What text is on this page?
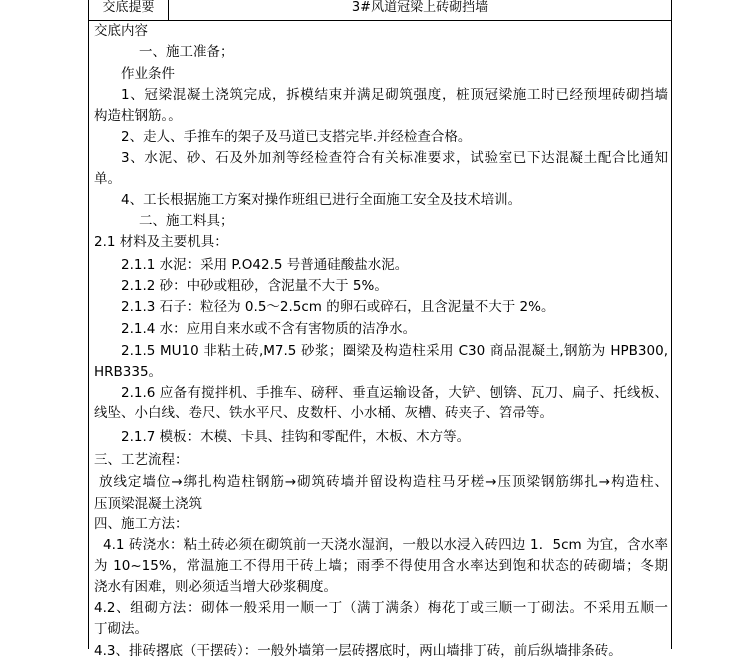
交底提要	3#风道冠梁上砖砌挡墙
交底内容
一、施工准备；
作业条件
1、冠梁混凝土浇筑完成，拆模结束并满足砌筑强度，桩顶冠梁施工时已经预埋砖砌挡墙
构造柱钢筋。。
2、走人、手推车的架子及马道已支搭完毕.并经检查合格。
3、水泥、砂、石及外加剂等经检查符合有关标准要求，试验室已下达混凝土配合比通知
单。
4、工长根据施工方案对操作班组已进行全面施工安全及技术培训。
二、施工料具；
2.1 材料及主要机具：
2.1.1 水泥：采用 P.O42.5 号普通硅酸盐水泥。
2.1.2 砂：中砂或粗砂，含泥量不大于 5%。
2.1.3 石子：粒径为 0.5～2.5cm 的卵石或碎石，且含泥量不大于 2%。
2.1.4 水：应用自来水或不含有害物质的洁净水。
2.1.5 MU10 非粘土砖,M7.5 砂浆；圈梁及构造柱采用 C30 商品混凝土,钢筋为 HPB300,
HRB335。
2.1.6 应备有搅拌机、手推车、磅秤、垂直运输设备，大铲、刨锛、瓦刀、扁子、托线板、
线坠、小白线、卷尺、铁水平尺、皮数杆、小水桶、灰槽、砖夹子、笤帚等。
2.1.7 模板：木模、卡具、挂钩和零配件，木板、木方等。
三、工艺流程：
放线定墙位→绑扎构造柱钢筋→砌筑砖墙并留设构造柱马牙槎→压顶梁钢筋绑扎→构造柱、
压顶梁混凝土浇筑
四、施工方法：
4.1 砖浇水：粘土砖必须在砌筑前一天浇水湿润，一般以水浸入砖四边 1．5cm 为宜，含水率
为 10~15%，常温施工不得用干砖上墙；雨季不得使用含水率达到饱和状态的砖砌墙；冬期
浇水有困难，则必须适当增大砂浆稠度。
4.2、组砌方法：砌体一般采用一顺一丁（满丁满条）梅花丁或三顺一丁砌法。不采用五顺一
丁砌法。
4.3、排砖撂底（干摆砖）：一般外墙第一层砖撂底时，两山墙排丁砖，前后纵墙排条砖。
